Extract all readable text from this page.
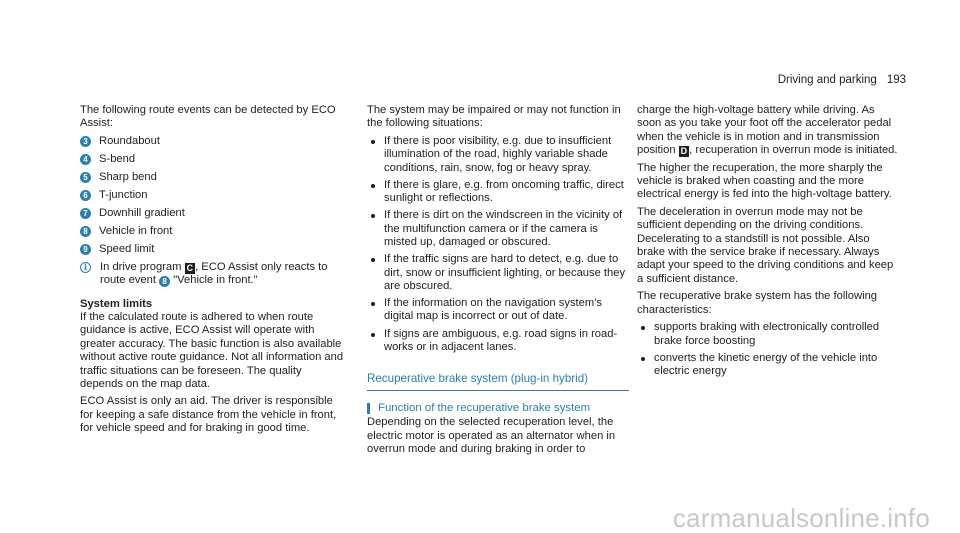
Driving and parking 193

The following route events can be detected by ECO Assist:

3 Roundabout
4 S-bend
5 Sharp bend
6 T-junction
7 Downhill gradient
8 Vehicle in front
9 Speed limit
i	In drive program C , ECO Assist only reacts to route event 8 "Vehicle in front."

System limits

If the calculated route is adhered to when route guidance is active, ECO Assist will operate with greater accuracy. The basic function is also available without active route guidance. Not all information and traffic situations can be foreseen. The quality depends on the map data.

ECO Assist is only an aid. The driver is responsible for keeping a safe distance from the vehicle in front, for vehicle speed and for braking in good time.

The system may be impaired or may not function in the following situations:

If there is poor visibility, e.g. due to insufficient illumination of the road, highly variable shade conditions, rain, snow, fog or heavy spray.
If there is glare, e.g. from oncoming traffic, direct sunlight or reflections.
If there is dirt on the windscreen in the vicinity of the multifunction camera or if the camera is misted up, damaged or obscured.
If the traffic signs are hard to detect, e.g. due to dirt, snow or insufficient lighting, or because they are obscured.
If the information on the navigation system's digital map is incorrect or out of date.
If signs are ambiguous, e.g. road signs in road-works or in adjacent lanes.
Recuperative brake system (plug-in hybrid)
Function of the recuperative brake system

Depending on the selected recuperation level, the electric motor is operated as an alternator when in overrun mode and during braking in order to

charge the high-voltage battery while driving. As soon as you take your foot off the accelerator pedal when the vehicle is in motion and in transmission position D , recuperation in overrun mode is initiated.

The higher the recuperation, the more sharply the vehicle is braked when coasting and the more electrical energy is fed into the high-voltage battery.

The deceleration in overrun mode may not be sufficient depending on the driving conditions. Decelerating to a standstill is not possible. Also brake with the service brake if necessary. Always adapt your speed to the driving conditions and keep a sufficient distance.

The recuperative brake system has the following characteristics:

supports braking with electronically controlled brake force boosting
converts the kinetic energy of the vehicle into electric energy
carmanualsonline.info
